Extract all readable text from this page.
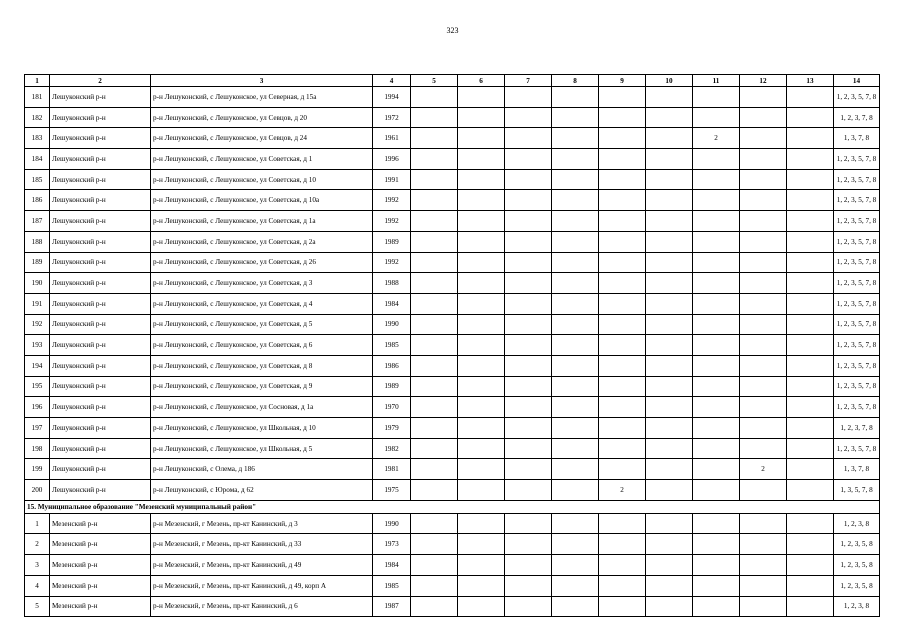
323
1	2	3	4	5	6	7	8	9	10	11	12	13	14
181	Лешуконский р-н	р-н Лешуконский, с Лешуконское, ул Северная, д 15а	1994										1, 2, 3, 5, 7, 8
182	Лешуконский р-н	р-н Лешуконский, с Лешуконское, ул Севцов, д 20	1972										1, 2, 3, 7, 8
183	Лешуконский р-н	р-н Лешуконский, с Лешуконское, ул Севцов, д 24	1961							2			1, 3, 7, 8
184	Лешуконский р-н	р-н Лешуконский, с Лешуконское, ул Советская, д 1	1996										1, 2, 3, 5, 7, 8
185	Лешуконский р-н	р-н Лешуконский, с Лешуконское, ул Советская, д 10	1991										1, 2, 3, 5, 7, 8
186	Лешуконский р-н	р-н Лешуконский, с Лешуконское, ул Советская, д 10а	1992										1, 2, 3, 5, 7, 8
187	Лешуконский р-н	р-н Лешуконский, с Лешуконское, ул Советская, д 1а	1992										1, 2, 3, 5, 7, 8
188	Лешуконский р-н	р-н Лешуконский, с Лешуконское, ул Советская, д 2а	1989										1, 2, 3, 5, 7, 8
189	Лешуконский р-н	р-н Лешуконский, с Лешуконское, ул Советская, д 26	1992										1, 2, 3, 5, 7, 8
190	Лешуконский р-н	р-н Лешуконский, с Лешуконское, ул Советская, д 3	1988										1, 2, 3, 5, 7, 8
191	Лешуконский р-н	р-н Лешуконский, с Лешуконское, ул Советская, д 4	1984										1, 2, 3, 5, 7, 8
192	Лешуконский р-н	р-н Лешуконский, с Лешуконское, ул Советская, д 5	1990										1, 2, 3, 5, 7, 8
193	Лешуконский р-н	р-н Лешуконский, с Лешуконское, ул Советская, д 6	1985										1, 2, 3, 5, 7, 8
194	Лешуконский р-н	р-н Лешуконский, с Лешуконское, ул Советская, д 8	1986										1, 2, 3, 5, 7, 8
195	Лешуконский р-н	р-н Лешуконский, с Лешуконское, ул Советская, д 9	1989										1, 2, 3, 5, 7, 8
196	Лешуконский р-н	р-н Лешуконский, с Лешуконское, ул Сосновая, д 1а	1970										1, 2, 3, 5, 7, 8
197	Лешуконский р-н	р-н Лешуконский, с Лешуконское, ул Школьная, д 10	1979										1, 2, 3, 7, 8
198	Лешуконский р-н	р-н Лешуконский, с Лешуконское, ул Школьная, д 5	1982										1, 2, 3, 5, 7, 8
199	Лешуконский р-н	р-н Лешуконский, с Олема, д 186	1981								2		1, 3, 7, 8
200	Лешуконский р-н	р-н Лешуконский, с Юрома, д 62	1975					2					1, 3, 5, 7, 8
15. Муниципальное образование "Мезенский муниципальный район"													
1	Мезенский р-н	р-н Мезенский, г Мезень, пр-кт Канинский, д 3	1990										1, 2, 3, 8
2	Мезенский р-н	р-н Мезенский, г Мезень, пр-кт Канинский, д 33	1973										1, 2, 3, 5, 8
3	Мезенский р-н	р-н Мезенский, г Мезень, пр-кт Канинский, д 49	1984										1, 2, 3, 5, 8
4	Мезенский р-н	р-н Мезенский, г Мезень, пр-кт Канинский, д 49, корп А	1985										1, 2, 3, 5, 8
5	Мезенский р-н	р-н Мезенский, г Мезень, пр-кт Канинский, д 6	1987										1, 2, 3, 8
